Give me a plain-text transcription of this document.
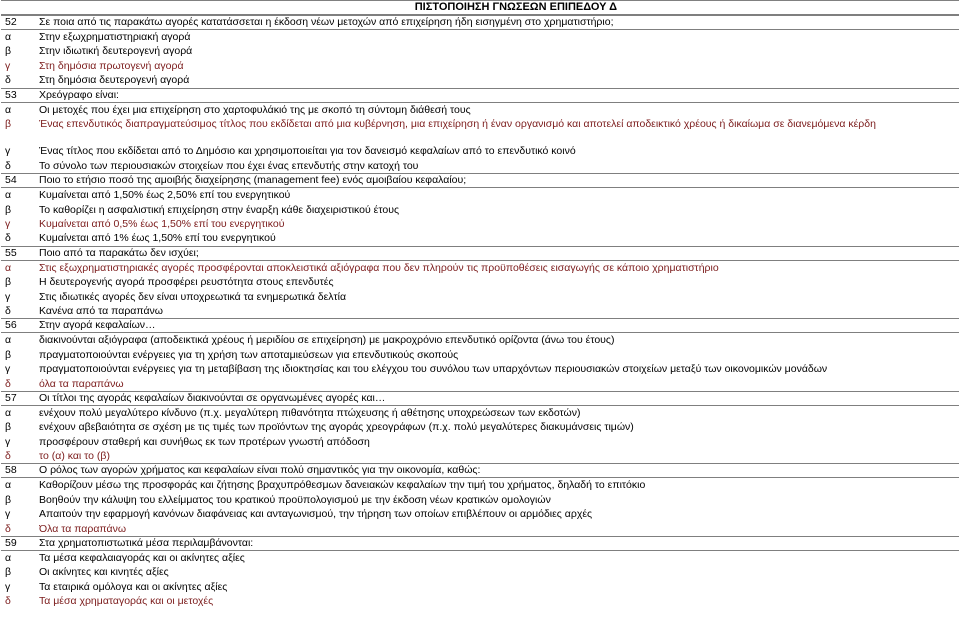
ΠΙΣΤΟΠΟΙΗΣΗ ΓΝΩΣΕΩΝ ΕΠΙΠΕΔΟΥ Δ
52	Σε ποια από τις παρακάτω αγορές κατατάσσεται η έκδοση νέων μετοχών από επιχείρηση ήδη εισηγμένη στο χρηματιστήριο;
α	Στην εξωχρηματιστηριακή αγορά
β	Στην ιδιωτική δευτερογενή αγορά
γ	Στη δημόσια πρωτογενή αγορά
δ	Στη δημόσια δευτερογενή αγορά
53	Χρεόγραφο είναι:
α	Οι μετοχές που έχει μια επιχείρηση στο χαρτοφυλάκιό της με σκοπό τη σύντομη διάθεσή τους
β	Ένας επενδυτικός διαπραγματεύσιμος τίτλος που εκδίδεται από μια κυβέρνηση, μια επιχείρηση ή έναν οργανισμό και αποτελεί αποδεικτικό χρέους ή δικαίωμα σε διανεμόμενα κέρδη
γ	Ένας τίτλος που εκδίδεται από το Δημόσιο και χρησιμοποιείται για τον δανεισμό κεφαλαίων από το επενδυτικό κοινό
δ	Το σύνολο των περιουσιακών στοιχείων που έχει ένας επενδυτής στην κατοχή του
54	Ποιο το ετήσιο ποσό της αμοιβής διαχείρησης (management fee) ενός αμοιβαίου κεφαλαίου;
α	Κυμαίνεται από 1,50% έως 2,50% επί του ενεργητικού
β	Το καθορίζει η ασφαλιστική επιχείρηση στην έναρξη κάθε διαχειριστικού έτους
γ	Κυμαίνεται από 0,5% έως 1,50% επί του ενεργητικού
δ	Κυμαίνεται από 1% έως 1,50% επί του ενεργητικού
55	Ποιο από τα παρακάτω δεν ισχύει;
α	Στις εξωχρηματιστηριακές αγορές προσφέρονται αποκλειστικά αξιόγραφα που δεν πληρούν τις προϋποθέσεις εισαγωγής σε κάποιο χρηματιστήριο
β	Η δευτερογενής αγορά προσφέρει ρευστότητα στους επενδυτές
γ	Στις ιδιωτικές αγορές δεν είναι υποχρεωτικά τα ενημερωτικά δελτία
δ	Κανένα από τα παραπάνω
56	Στην αγορά κεφαλαίων…
α	διακινούνται αξιόγραφα (αποδεικτικά χρέους ή μεριδίου σε επιχείρηση) με μακροχρόνιο επενδυτικό ορίζοντα (άνω του έτους)
β	πραγματοποιούνται ενέργειες για τη χρήση των αποταμιεύσεων για επενδυτικούς σκοπούς
γ	πραγματοποιούνται ενέργειες για τη μεταβίβαση της ιδιοκτησίας και του ελέγχου του συνόλου των υπαρχόντων περιουσιακών στοιχείων μεταξύ των οικονομικών μονάδων
δ	όλα τα παραπάνω
57	Οι τίτλοι της αγοράς κεφαλαίων διακινούνται σε οργανωμένες αγορές και…
α	ενέχουν πολύ μεγαλύτερο κίνδυνο (π.χ. μεγαλύτερη πιθανότητα πτώχευσης ή αθέτησης υποχρεώσεων των εκδοτών)
β	ενέχουν αβεβαιότητα σε σχέση με τις τιμές των προϊόντων της αγοράς χρεογράφων (π.χ. πολύ μεγαλύτερες διακυμάνσεις τιμών)
γ	προσφέρουν σταθερή και συνήθως εκ των προτέρων γνωστή απόδοση
δ	το (α) και το (β)
58	Ο ρόλος των αγορών χρήματος και κεφαλαίων είναι πολύ σημαντικός για την οικονομία, καθώς:
α	Καθορίζουν μέσω της προσφοράς και ζήτησης βραχυπρόθεσμων δανειακών κεφαλαίων την τιμή του χρήματος, δηλαδή το επιτόκιο
β	Βοηθούν την κάλυψη του ελλείμματος του κρατικού προϋπολογισμού με την έκδοση νέων κρατικών ομολογιών
γ	Απαιτούν την εφαρμογή κανόνων διαφάνειας και ανταγωνισμού, την τήρηση των οποίων επιβλέπουν οι αρμόδιες αρχές
δ	Όλα τα παραπάνω
59	Στα χρηματοπιστωτικά μέσα περιλαμβάνονται:
α	Τα μέσα κεφαλαιαγοράς και οι ακίνητες αξίες
β	Οι ακίνητες και κινητές αξίες
γ	Τα εταιρικά ομόλογα και οι ακίνητες αξίες
δ	Τα μέσα χρηματαγοράς και οι μετοχές
